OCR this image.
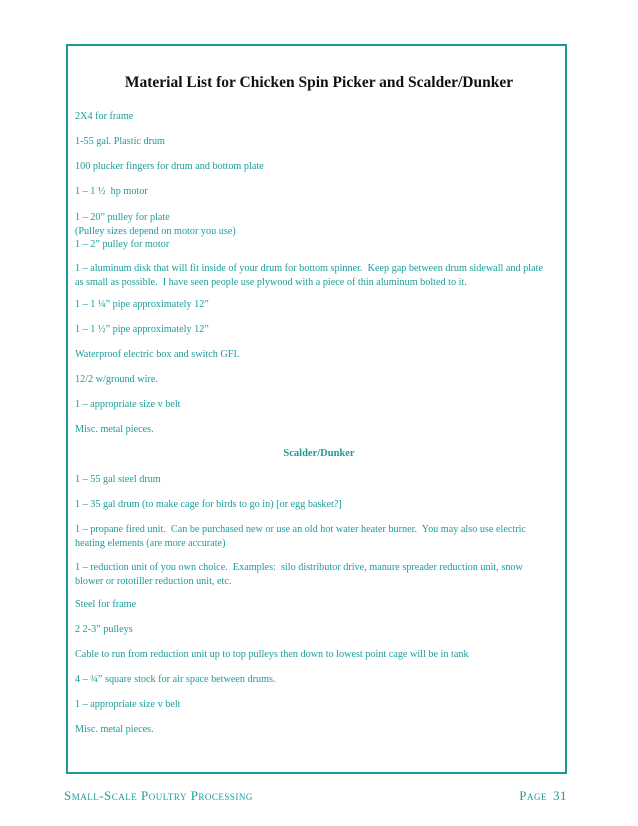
Material List for Chicken Spin Picker and Scalder/Dunker

2X4 for frame

1-55 gal. Plastic drum

100 plucker fingers for drum and bottom plate

1 – 1 ½  hp motor

1 – 20” pulley for plate
(Pulley sizes depend on motor you use)
1 – 2” pulley for motor

1 – aluminum disk that will fit inside of your drum for bottom spinner.  Keep gap between drum sidewall and plate
as small as possible.  I have seen people use plywood with a piece of thin aluminum bolted to it.

1 – 1 ¼” pipe approximately 12”

1 – 1 ½” pipe approximately 12”

Waterproof electric box and switch GFI.

12/2 w/ground wire.

1 – appropriate size v belt

Misc. metal pieces.

Scalder/Dunker

1 – 55 gal steel drum

1 – 35 gal drum (to make cage for birds to go in) [or egg basket?]

1 – propane fired unit.  Can be purchased new or use an old hot water heater burner.  You may also use electric
heating elements (are more accurate)

1 – reduction unit of you own choice.  Examples:  silo distributor drive, manure spreader reduction unit, snow
blower or rototiller reduction unit, etc.

Steel for frame

2 2-3” pulleys

Cable to run from reduction unit up to top pulleys then down to lowest point cage will be in tank

4 – ¾” square stock for air space between drums.

1 – appropriate size v belt

Misc. metal pieces.

Small-Scale Poultry Processing	Page 31
